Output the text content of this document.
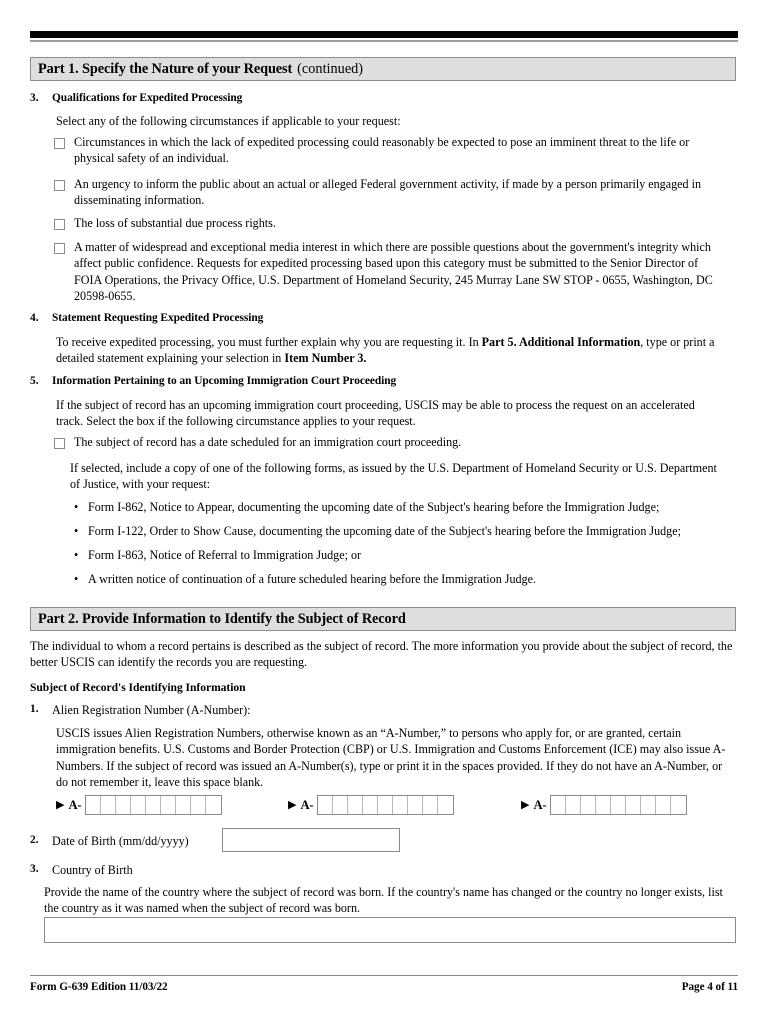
Part 1. Specify the Nature of your Request (continued)
3.	Qualifications for Expedited Processing
Select any of the following circumstances if applicable to your request:
Circumstances in which the lack of expedited processing could reasonably be expected to pose an imminent threat to the life or physical safety of an individual.
An urgency to inform the public about an actual or alleged Federal government activity, if made by a person primarily engaged in disseminating information.
The loss of substantial due process rights.
A matter of widespread and exceptional media interest in which there are possible questions about the government's integrity which affect public confidence. Requests for expedited processing based upon this category must be submitted to the Senior Director of FOIA Operations, the Privacy Office, U.S. Department of Homeland Security, 245 Murray Lane SW STOP - 0655, Washington, DC 20598-0655.
4.	Statement Requesting Expedited Processing
To receive expedited processing, you must further explain why you are requesting it. In Part 5. Additional Information, type or print a detailed statement explaining your selection in Item Number 3.
5.	Information Pertaining to an Upcoming Immigration Court Proceeding
If the subject of record has an upcoming immigration court proceeding, USCIS may be able to process the request on an accelerated track. Select the box if the following circumstance applies to your request.
The subject of record has a date scheduled for an immigration court proceeding.
If selected, include a copy of one of the following forms, as issued by the U.S. Department of Homeland Security or U.S. Department of Justice, with your request:
• Form I-862, Notice to Appear, documenting the upcoming date of the Subject's hearing before the Immigration Judge;
• Form I-122, Order to Show Cause, documenting the upcoming date of the Subject's hearing before the Immigration Judge;
• Form I-863, Notice of Referral to Immigration Judge; or
• A written notice of continuation of a future scheduled hearing before the Immigration Judge.
Part 2. Provide Information to Identify the Subject of Record
The individual to whom a record pertains is described as the subject of record. The more information you provide about the subject of record, the better USCIS can identify the records you are requesting.
Subject of Record's Identifying Information
1.	Alien Registration Number (A-Number):
USCIS issues Alien Registration Numbers, otherwise known as an “A-Number,” to persons who apply for, or are granted, certain immigration benefits. U.S. Customs and Border Protection (CBP) or U.S. Immigration and Customs Enforcement (ICE) may also issue A-Numbers. If the subject of record was issued an A-Number(s), type or print it in the spaces provided. If they do not have an A-Number, or do not remember it, leave this space blank.
▶ A-	▶ A-	▶ A-
2.	Date of Birth (mm/dd/yyyy)
3.	Country of Birth
Provide the name of the country where the subject of record was born. If the country's name has changed or the country no longer exists, list the country as it was named when the subject of record was born.
Form G-639 Edition 11/03/22	Page 4 of 11
